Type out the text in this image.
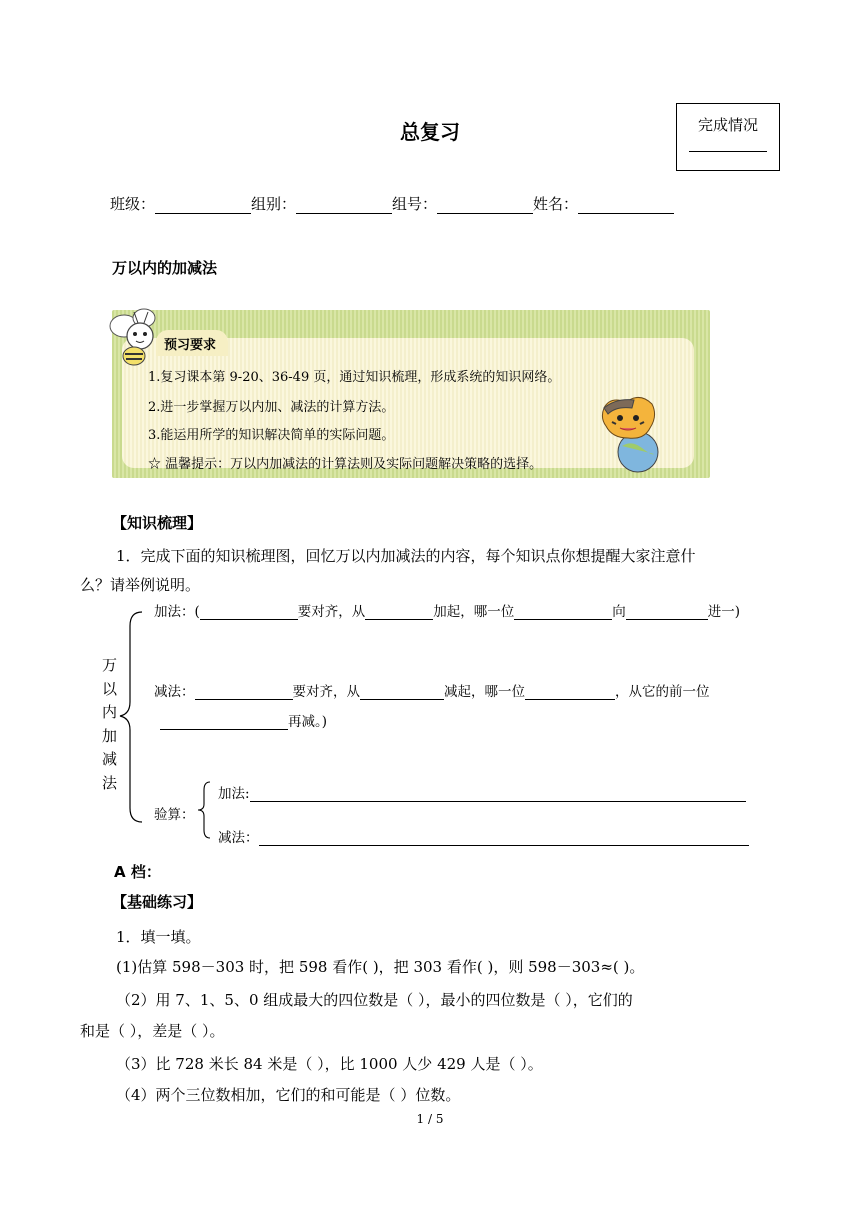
总复习	完成情况
班级：	组别：	组号：	姓名：
万以内的加减法
预习要求
1.复习课本第 9-20、36-49 页，通过知识梳理，形成系统的知识网络。
2.进一步掌握万以内加、减法的计算方法。
3.能运用所学的知识解决简单的实际问题。
☆ 温馨提示：万以内加减法的计算法则及实际问题解决策略的选择。
【知识梳理】
1．完成下面的知识梳理图，回忆万以内加减法的内容，每个知识点你想提醒大家注意什
么？请举例说明。
万
以
内
加
减
法
加法：(	要对齐，从	加起，哪一位	向	进一)
减法：	要对齐，从	减起，哪一位	，从它的前一位
再减。)
验算：
加法:
减法：
A 档：
【基础练习】
1．填一填。
(1)估算 598－303 时，把 598 看作( )，把 303 看作( )，则 598－303≈( )。
（2）用 7、1、5、0 组成最大的四位数是（ ），最小的四位数是（ ），它们的
和是（ ），差是（ ）。
（3）比 728 米长 84 米是（ ），比 1000 人少 429 人是（ ）。
（4）两个三位数相加，它们的和可能是（ ）位数。
1 / 5
